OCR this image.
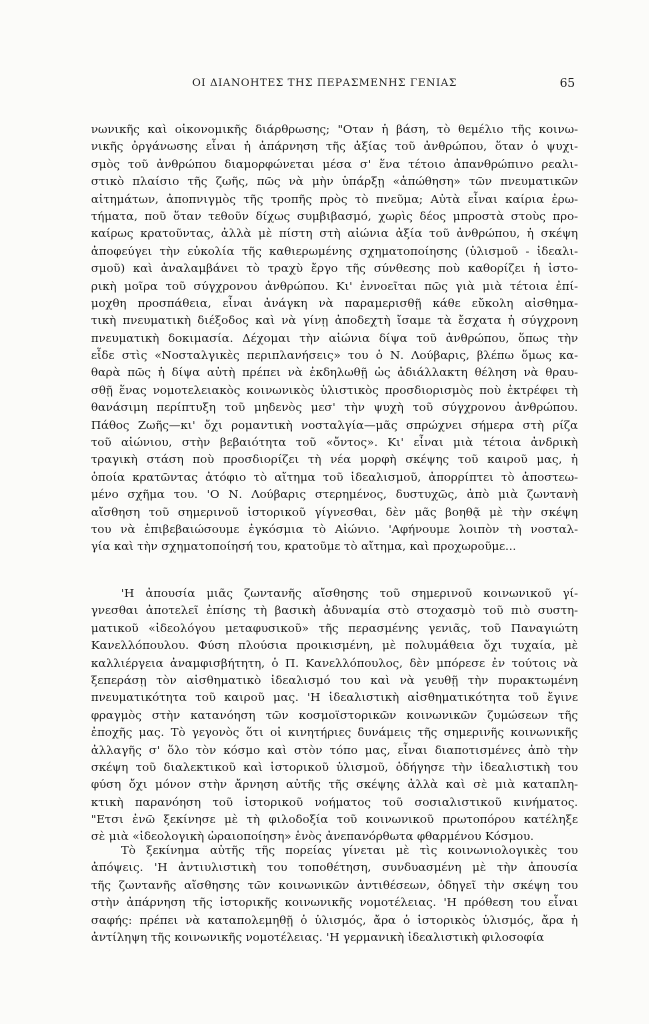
ΟΙ ΔΙΑΝΟΗΤΕΣ ΤΗΣ ΠΕΡΑΣΜΕΝΗΣ ΓΕΝΙΑΣ	65
νωνικῆς καὶ οἰκονομικῆς διάρθρωσης; "Οταν ἡ βάση, τὸ θεμέλιο τῆς κοινω-
νικῆς ὀργάνωσης εἶναι ἡ ἀπάρνηση τῆς ἀξίας τοῦ ἀνθρώπου, ὅταν ὁ ψυχι-
σμὸς τοῦ ἀνθρώπου διαμορφώνεται μέσα σ' ἕνα τέτοιο ἀπανθρώπινο ρεαλι-
στικὸ πλαίσιο τῆς ζωῆς, πῶς νὰ μὴν ὑπάρξῃ «ἀπώθηση» τῶν πνευματικῶν
αἰτημάτων, ἀποπνιγμὸς τῆς τροπῆς πρὸς τὸ πνεῦμα; Αὐτὰ εἶναι καίρια ἐρω-
τήματα, ποῦ ὅταν τεθοῦν δίχως συμβιβασμό, χωρὶς δέος μπροστὰ στοὺς προ-
καίρως κρατοῦντας, ἀλλὰ μὲ πίστη στὴ αἰώνια ἀξία τοῦ ἀνθρώπου, ἡ σκέψη
ἀποφεύγει τὴν εὐκολία τῆς καθιερωμένης σχηματοποίησης (ὑλισμοῦ - ἰδεαλι-
σμοῦ) καὶ ἀναλαμβάνει τὸ τραχὺ ἔργο τῆς σύνθεσης ποὺ καθορίζει ἡ ἱστο-
ρικὴ μοῖρα τοῦ σύγχρονου ἀνθρώπου. Κι' ἐννοεῖται πῶς γιὰ μιὰ τέτοια ἐπί-
μοχθη προσπάθεια, εἶναι ἀνάγκη νὰ παραμερισθῇ κάθε εὔκολη αἰσθημα-
τικὴ πνευματικὴ διέξοδος καὶ νὰ γίνῃ ἀποδεχτὴ ἴσαμε τὰ ἔσχατα ἡ σύγχρονη
πνευματικὴ δοκιμασία. Δέχομαι τὴν αἰώνια δίψα τοῦ ἀνθρώπου, ὅπως τὴν
εἶδε στὶς «Νοσταλγικὲς περιπλανήσεις» του ὁ Ν. Λούβαρις, βλέπω ὅμως κα-
θαρὰ πῶς ἡ δίψα αὐτὴ πρέπει νὰ ἐκδηλωθῇ ὡς ἀδιάλλακτη θέληση νὰ θραυ-
σθῇ ἕνας νομοτελειακὸς κοινωνικὸς ὑλιστικὸς προσδιορισμὸς ποὺ ἐκτρέφει τὴ
θανάσιμη περίπτυξη τοῦ μηδενὸς μεσ' τὴν ψυχὴ τοῦ σύγχρονου ἀνθρώπου.
Πάθος Ζωῆς—κι' ὄχι ρομαντικὴ νοσταλγία—μᾶς σπρώχνει σήμερα στὴ ρίζα
τοῦ αἰώνιου, στὴν βεβαιότητα τοῦ «ὄντος». Κι' εἶναι μιὰ τέτοια ἀνδρικὴ
τραγικὴ στάση ποὺ προσδιορίζει τὴ νέα μορφὴ σκέψης τοῦ καιροῦ μας, ἡ
ὁποία κρατῶντας ἀτόφιο τὸ αἴτημα τοῦ ἰδεαλισμοῦ, ἀπορρίπτει τὸ ἀποστεω-
μένο σχῆμα του. 'Ο Ν. Λούβαρις στερημένος, δυστυχῶς, ἀπὸ μιὰ ζωντανὴ
αἴσθηση τοῦ σημερινοῦ ἱστορικοῦ γίγνεσθαι, δὲν μᾶς βοηθᾷ μὲ τὴν σκέψη
του νὰ ἐπιβεβαιώσουμε ἐγκόσμια τὸ Αἰώνιο. 'Αφήνουμε λοιπὸν τὴ νοσταλ-
γία καὶ τὴν σχηματοποίησή του, κρατοῦμε τὸ αἴτημα, καὶ προχωροῦμε...
'Η ἀπουσία μιᾶς ζωντανῆς αἴσθησης τοῦ σημερινοῦ κοινωνικοῦ γί-
γνεσθαι ἀποτελεῖ ἐπίσης τὴ βασικὴ ἀδυναμία στὸ στοχασμὸ τοῦ πιὸ συστη-
ματικοῦ «ἰδεολόγου μεταφυσικοῦ» τῆς περασμένης γενιᾶς, τοῦ Παναγιώτη
Κανελλόπουλου. Φύση πλούσια προικισμένη, μὲ πολυμάθεια ὄχι τυχαία, μὲ
καλλιέργεια ἀναμφισβήτητη, ὁ Π. Κανελλόπουλος, δὲν μπόρεσε ἐν τούτοις νὰ
ξεπεράσῃ τὸν αἰσθηματικὸ ἰδεαλισμό του καὶ νὰ γευθῇ τὴν πυρακτωμένη
πνευματικότητα τοῦ καιροῦ μας. 'Η ἰδεαλιστικὴ αἰσθηματικότητα τοῦ ἔγινε
φραγμὸς στὴν κατανόηση τῶν κοσμοϊστορικῶν κοινωνικῶν ζυμώσεων τῆς
ἐποχῆς μας. Τὸ γεγονὸς ὅτι οἱ κινητήριες δυνάμεις τῆς σημερινῆς κοινωνικῆς
ἀλλαγῆς σ' ὅλο τὸν κόσμο καὶ στὸν τόπο μας, εἶναι διαποτισμένες ἀπὸ τὴν
σκέψη τοῦ διαλεκτικοῦ καὶ ἱστορικοῦ ὑλισμοῦ, ὁδήγησε τὴν ἰδεαλιστικὴ του
φύση ὄχι μόνον στὴν ἄρνηση αὐτῆς τῆς σκέψης ἀλλὰ καὶ σὲ μιὰ καταπλη-
κτικὴ παρανόηση τοῦ ἱστορικοῦ νοήματος τοῦ σοσιαλιστικοῦ κινήματος.
"Ετσι ἐνῶ ξεκίνησε μὲ τὴ φιλοδοξία τοῦ κοινωνικοῦ πρωτοπόρου κατέληξε
σὲ μιὰ «ἰδεολογικὴ ὡραιοποίηση» ἑνὸς ἀνεπανόρθωτα φθαρμένου Κόσμου.
Τὸ ξεκίνημα αὐτῆς τῆς πορείας γίνεται μὲ τὶς κοινωνιολογικὲς του
ἀπόψεις. 'Η ἀντιυλιστικὴ του τοποθέτηση, συνδυασμένη μὲ τὴν ἀπουσία
τῆς ζωντανῆς αἴσθησης τῶν κοινωνικῶν ἀντιθέσεων, ὁδηγεῖ τὴν σκέψη του
στὴν ἀπάρνηση τῆς ἱστορικῆς κοινωνικῆς νομοτέλειας. 'Η πρόθεση του εἶναι
σαφής: πρέπει νὰ καταπολεμηθῇ ὁ ὑλισμός, ἄρα ὁ ἱστορικὸς ὑλισμός, ἄρα ἡ
ἀντίληψη τῆς κοινωνικῆς νομοτέλειας. 'Η γερμανικὴ ἰδεαλιστικὴ φιλοσοφία
